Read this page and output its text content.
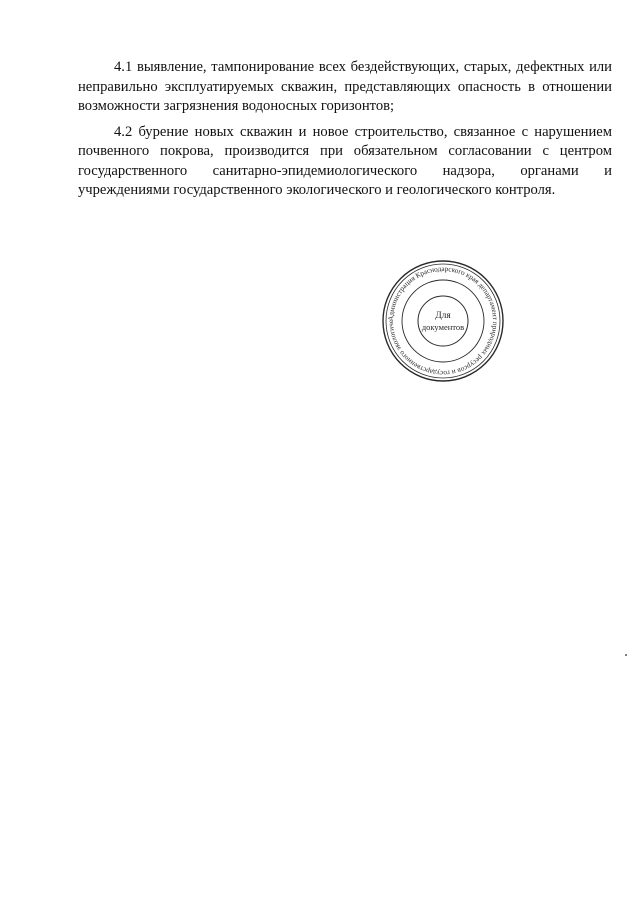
4.1 выявление, тампонирование всех бездействующих, старых, дефектных или неправильно эксплуатируемых скважин, представляющих опасность в отношении возможности загрязнения водоносных горизонтов;

4.2 бурение новых скважин и новое строительство, связанное с нарушением почвенного покрова, производится при обязательном согласовании с центром государственного санитарно-эпидемиологического надзора, органами и учреждениями государственного экологического и геологического контроля.

Администрация Краснодарского края департамент природных ресурсов и государственного экологиче
Для
документов
